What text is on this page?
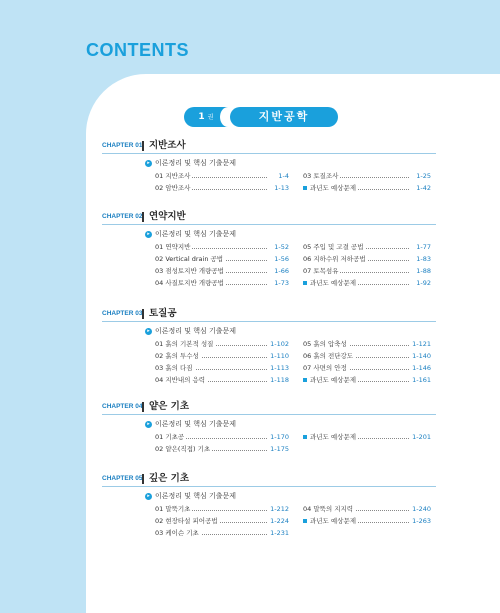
CONTENTS
1 권	지반공학
CHAPTER 01 지반조사
▸ 이론정리 및 핵심 기출문제
01 지반조사	1-4
02 암반조사	1-13
03 토질조사	1-25
과년도 예상문제	1-42
CHAPTER 02 연약지반
▸ 이론정리 및 핵심 기출문제
01 연약지반	1-52
02 Vertical drain 공법	1-56
03 점성토지반 개량공법	1-66
04 사질토지반 개량공법	1-73
05 주입 및 고결 공법	1-77
06 지하수위 저하공법	1-83
07 토목섬유	1-88
과년도 예상문제	1-92
CHAPTER 03 토질공
▸ 이론정리 및 핵심 기출문제
01 흙의 기본적 성질	1-102
02 흙의 투수성	1-110
03 흙의 다짐	1-113
04 지반내의 응력	1-118
05 흙의 압축성	1-121
06 흙의 전단강도	1-140
07 사면의 안정	1-146
과년도 예상문제	1-161
CHAPTER 04 얕은 기초
▸ 이론정리 및 핵심 기출문제
01 기초공	1-170
02 얕은(직접) 기초	1-175
과년도 예상문제	1-201
CHAPTER 05 깊은 기초
▸ 이론정리 및 핵심 기출문제
01 말뚝기초	1-212
02 현장타설 피어공법	1-224
03 케이슨 기초	1-231
04 말뚝의 지지력	1-240
과년도 예상문제	1-263
